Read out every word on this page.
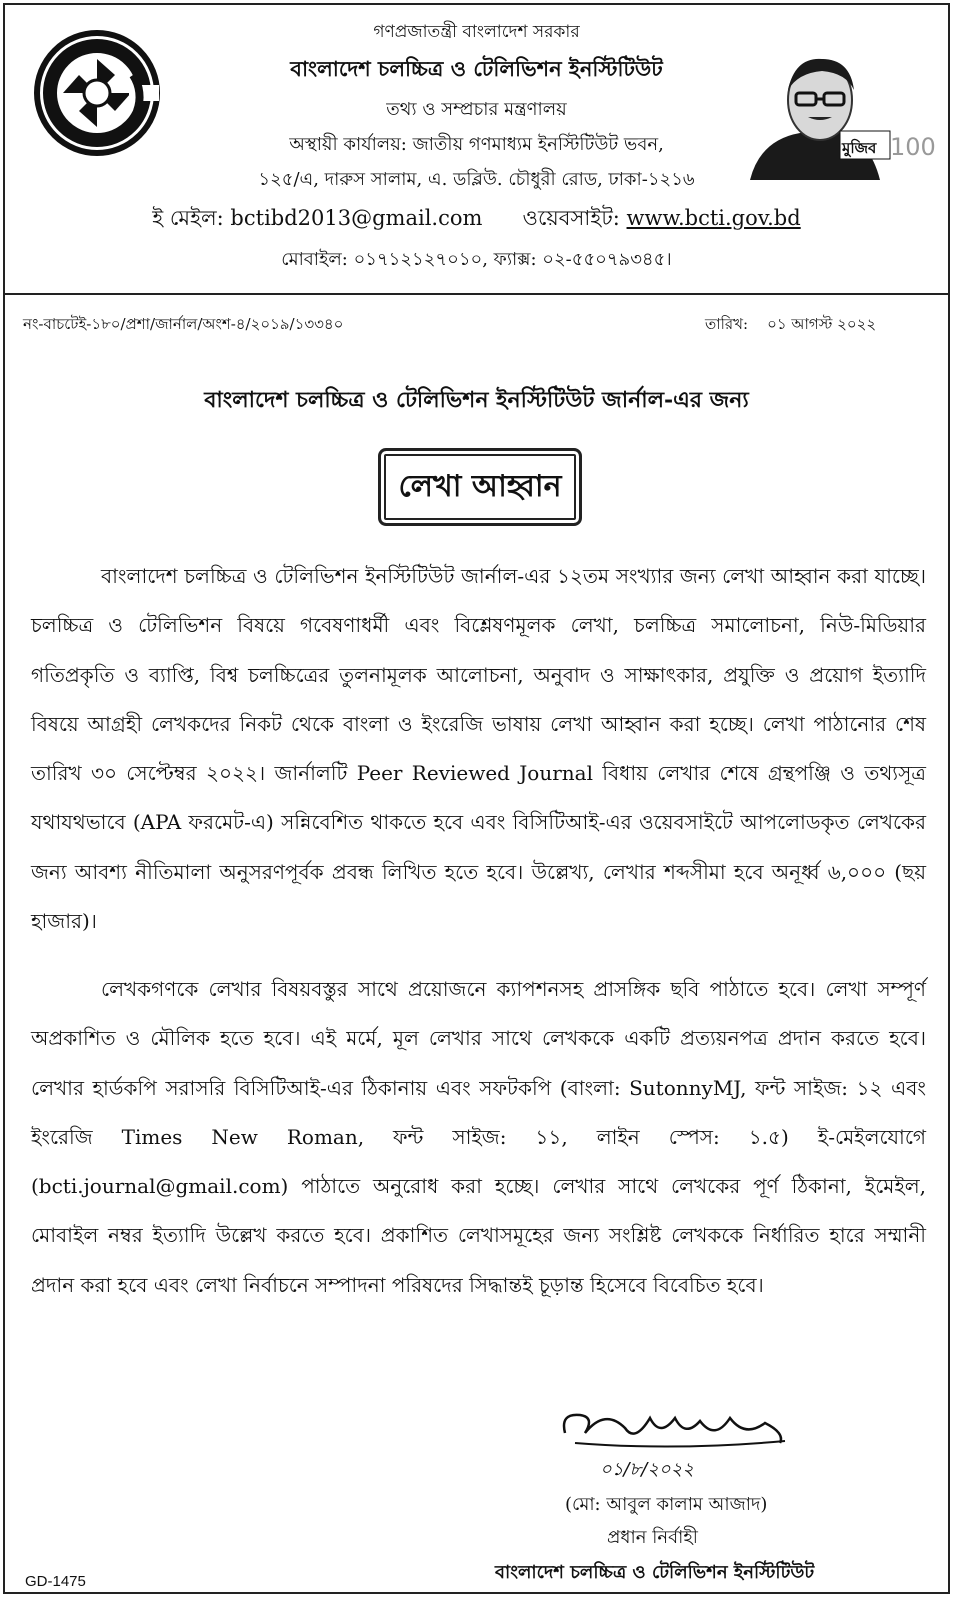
গণপ্রজাতন্ত্রী বাংলাদেশ সরকার
বাংলাদেশ চলচ্চিত্র ও টেলিভিশন ইনস্টিটিউট
তথ্য ও সম্প্রচার মন্ত্রণালয়
অস্থায়ী কার্যালয়: জাতীয় গণমাধ্যম ইনস্টিটিউট ভবন,
১২৫/এ, দারুস সালাম, এ. ডব্লিউ. চৌধুরী রোড, ঢাকা-১২১৬
ই মেইল: bctibd2013@gmail.com ওয়েবসাইট: www.bcti.gov.bd
মোবাইল: ০১৭১২১২৭০১০, ফ্যাক্স: ০২-৫৫০৭৯৩৪৫।
মুজিব 100
নং-বাচটেই-১৮০/প্রশা/জার্নাল/অংশ-৪/২০১৯/১৩৩৪০	তারিখ: ০১ আগস্ট ২০২২
বাংলাদেশ চলচ্চিত্র ও টেলিভিশন ইনস্টিটিউট জার্নাল-এর জন্য
লেখা আহ্বান

বাংলাদেশ চলচ্চিত্র ও টেলিভিশন ইনস্টিটিউট জার্নাল-এর ১২তম সংখ্যার জন্য লেখা আহ্বান করা যাচ্ছে। চলচ্চিত্র ও টেলিভিশন বিষয়ে গবেষণাধর্মী এবং বিশ্লেষণমূলক লেখা, চলচ্চিত্র সমালোচনা, নিউ-মিডিয়ার গতিপ্রকৃতি ও ব্যাপ্তি, বিশ্ব চলচ্চিত্রের তুলনামূলক আলোচনা, অনুবাদ ও সাক্ষাৎকার, প্রযুক্তি ও প্রয়োগ ইত্যাদি বিষয়ে আগ্রহী লেখকদের নিকট থেকে বাংলা ও ইংরেজি ভাষায় লেখা আহ্বান করা হচ্ছে। লেখা পাঠানোর শেষ তারিখ ৩০ সেপ্টেম্বর ২০২২। জার্নালটি Peer Reviewed Journal বিধায় লেখার শেষে গ্রন্থপঞ্জি ও তথ্যসূত্র যথাযথভাবে (APA ফরমেট-এ) সন্নিবেশিত থাকতে হবে এবং বিসিটিআই-এর ওয়েবসাইটে আপলোডকৃত লেখকের জন্য আবশ্য নীতিমালা অনুসরণপূর্বক প্রবন্ধ লিখিত হতে হবে। উল্লেখ্য, লেখার শব্দসীমা হবে অনূর্ধ্ব ৬,০০০ (ছয় হাজার)।

লেখকগণকে লেখার বিষয়বস্তুর সাথে প্রয়োজনে ক্যাপশনসহ প্রাসঙ্গিক ছবি পাঠাতে হবে। লেখা সম্পূর্ণ অপ্রকাশিত ও মৌলিক হতে হবে। এই মর্মে, মূল লেখার সাথে লেখককে একটি প্রত্যয়নপত্র প্রদান করতে হবে। লেখার হার্ডকপি সরাসরি বিসিটিআই-এর ঠিকানায় এবং সফটকপি (বাংলা: SutonnyMJ, ফন্ট সাইজ: ১২ এবং ইংরেজি Times New Roman, ফন্ট সাইজ: ১১, লাইন স্পেস: ১.৫) ই-মেইলযোগে (bcti.journal@gmail.com) পাঠাতে অনুরোধ করা হচ্ছে। লেখার সাথে লেখকের পূর্ণ ঠিকানা, ইমেইল, মোবাইল নম্বর ইত্যাদি উল্লেখ করতে হবে। প্রকাশিত লেখাসমূহের জন্য সংশ্লিষ্ট লেখককে নির্ধারিত হারে সম্মানী প্রদান করা হবে এবং লেখা নির্বাচনে সম্পাদনা পরিষদের সিদ্ধান্তই চূড়ান্ত হিসেবে বিবেচিত হবে।

০১/৮/২০২২
(মো: আবুল কালাম আজাদ)
প্রধান নির্বাহী
বাংলাদেশ চলচ্চিত্র ও টেলিভিশন ইনস্টিটিউট
GD-1475
